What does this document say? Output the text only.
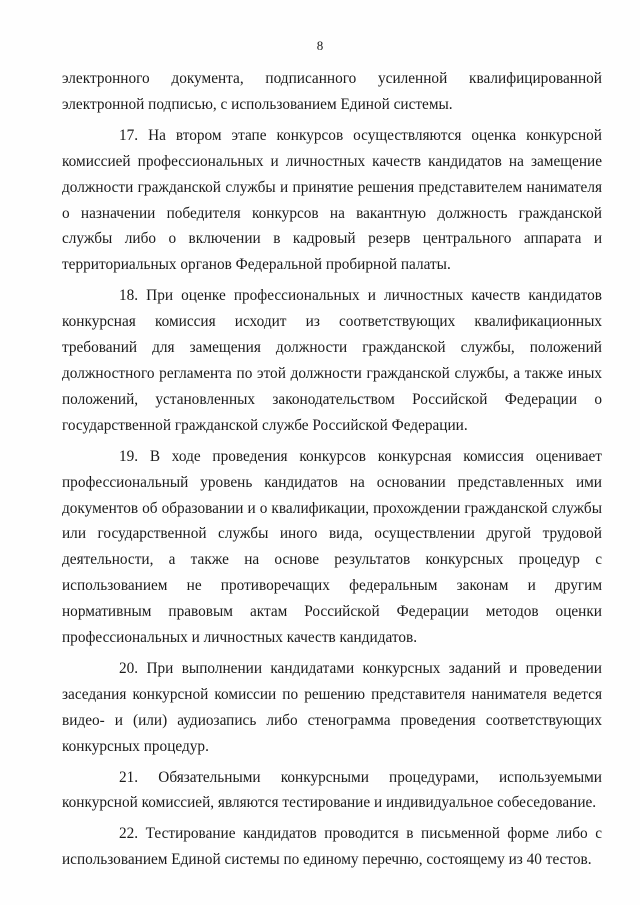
8

электронного документа, подписанного усиленной квалифицированной электронной подписью, с использованием Единой системы.

17. На втором этапе конкурсов осуществляются оценка конкурсной комиссией профессиональных и личностных качеств кандидатов на замещение должности гражданской службы и принятие решения представителем нанимателя о назначении победителя конкурсов на вакантную должность гражданской службы либо о включении в кадровый резерв центрального аппарата и территориальных органов Федеральной пробирной палаты.

18. При оценке профессиональных и личностных качеств кандидатов конкурсная комиссия исходит из соответствующих квалификационных требований для замещения должности гражданской службы, положений должностного регламента по этой должности гражданской службы, а также иных положений, установленных законодательством Российской Федерации о государственной гражданской службе Российской Федерации.

19. В ходе проведения конкурсов конкурсная комиссия оценивает профессиональный уровень кандидатов на основании представленных ими документов об образовании и о квалификации, прохождении гражданской службы или государственной службы иного вида, осуществлении другой трудовой деятельности, а также на основе результатов конкурсных процедур с использованием не противоречащих федеральным законам и другим нормативным правовым актам Российской Федерации методов оценки профессиональных и личностных качеств кандидатов.

20. При выполнении кандидатами конкурсных заданий и проведении заседания конкурсной комиссии по решению представителя нанимателя ведется видео- и (или) аудиозапись либо стенограмма проведения соответствующих конкурсных процедур.

21. Обязательными конкурсными процедурами, используемыми конкурсной комиссией, являются тестирование и индивидуальное собеседование.

22. Тестирование кандидатов проводится в письменной форме либо с использованием Единой системы по единому перечню, состоящему из 40 тестов.
